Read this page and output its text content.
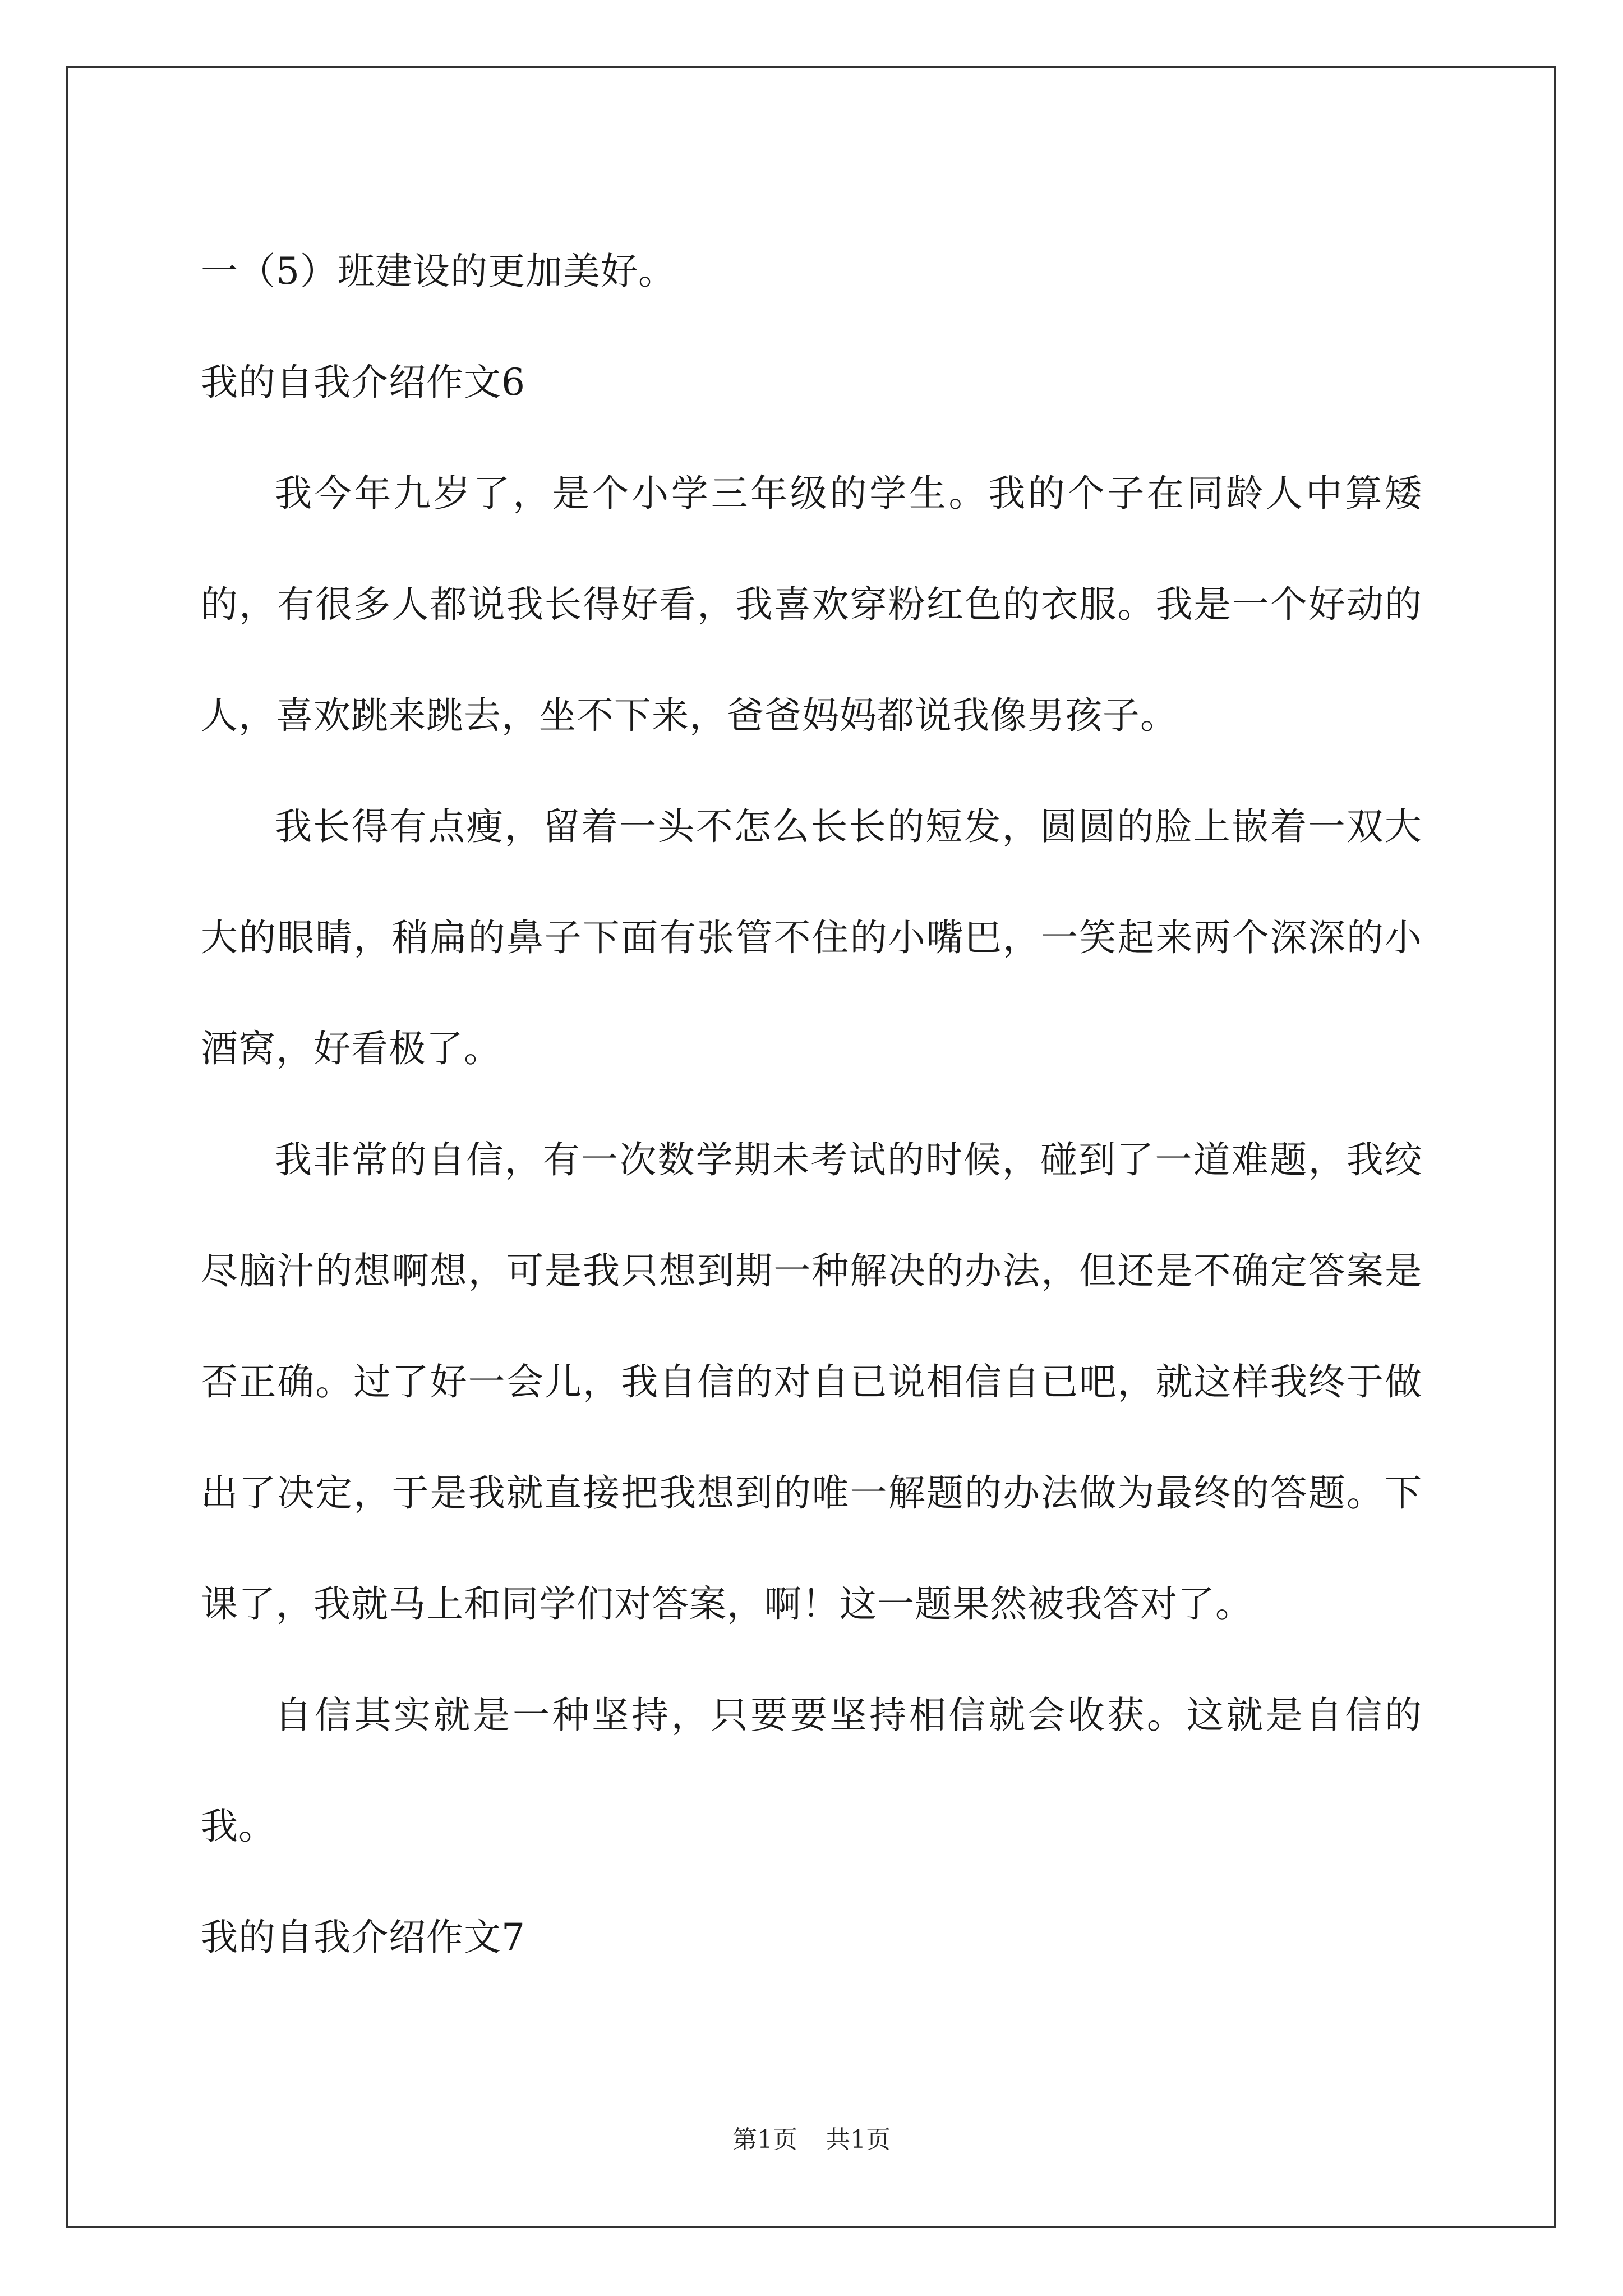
一（5）班建设的更加美好。
我的自我介绍作文6

我今年九岁了，是个小学三年级的学生。我的个子在同龄人中算矮的，有很多人都说我长得好看，我喜欢穿粉红色的衣服。我是一个好动的人，喜欢跳来跳去，坐不下来，爸爸妈妈都说我像男孩子。

我长得有点瘦，留着一头不怎么长长的短发，圆圆的脸上嵌着一双大大的眼睛，稍扁的鼻子下面有张管不住的小嘴巴，一笑起来两个深深的小酒窝，好看极了。

我非常的自信，有一次数学期未考试的时候，碰到了一道难题，我绞尽脑汁的想啊想，可是我只想到期一种解决的办法，但还是不确定答案是否正确。过了好一会儿，我自信的对自已说相信自已吧，就这样我终于做出了决定，于是我就直接把我想到的唯一解题的办法做为最终的答题。下课了，我就马上和同学们对答案，啊！这一题果然被我答对了。

自信其实就是一种坚持，只要要坚持相信就会收获。这就是自信的我。

我的自我介绍作文7
第1页 共1页
